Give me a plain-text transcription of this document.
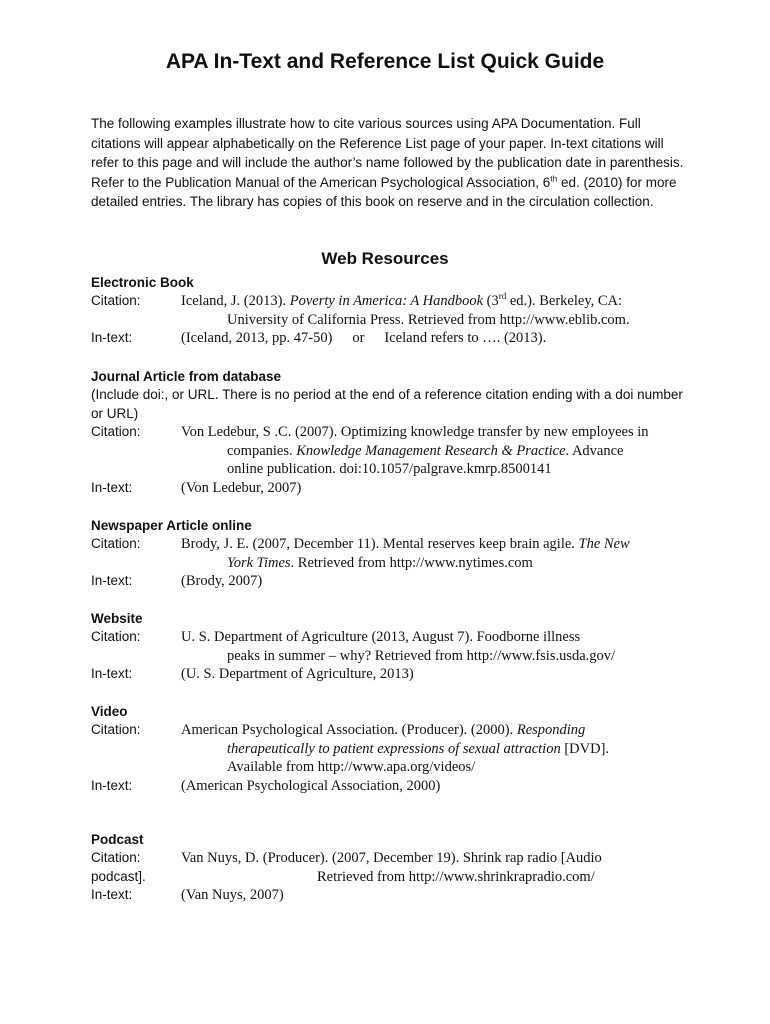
APA In-Text and Reference List Quick Guide

The following examples illustrate how to cite various sources using APA Documentation. Full citations will appear alphabetically on the Reference List page of your paper. In-text citations will refer to this page and will include the author’s name followed by the publication date in parenthesis. Refer to the Publication Manual of the American Psychological Association, 6th ed. (2010) for more detailed entries. The library has copies of this book on reserve and in the circulation collection.

Web Resources
Electronic Book
Citation:	Iceland, J. (2013). Poverty in America: A Handbook (3rd ed.). Berkeley, CA:
University of California Press. Retrieved from http://www.eblib.com.
In-text:	(Iceland, 2013, pp. 47-50) or Iceland refers to …. (2013).
Journal Article from database
(Include doi:, or URL. There is no period at the end of a reference citation ending with a doi number or URL)
Citation:	Von Ledebur, S .C. (2007). Optimizing knowledge transfer by new employees in
companies. Knowledge Management Research & Practice. Advance
online publication. doi:10.1057/palgrave.kmrp.8500141
In-text:	(Von Ledebur, 2007)
Newspaper Article online
Citation:	Brody, J. E. (2007, December 11). Mental reserves keep brain agile. The New
York Times. Retrieved from http://www.nytimes.com
In-text:	(Brody, 2007)
Website
Citation:	U. S. Department of Agriculture (2013, August 7). Foodborne illness
peaks in summer – why? Retrieved from http://www.fsis.usda.gov/
In-text:	(U. S. Department of Agriculture, 2013)
Video
Citation:	American Psychological Association. (Producer). (2000). Responding
therapeutically to patient expressions of sexual attraction [DVD].
Available from http://www.apa.org/videos/
In-text:	(American Psychological Association, 2000)
Podcast
Citation:	Van Nuys, D. (Producer). (2007, December 19). Shrink rap radio [Audio
podcast].	Retrieved from http://www.shrinkrapradio.com/
In-text:	(Van Nuys, 2007)
